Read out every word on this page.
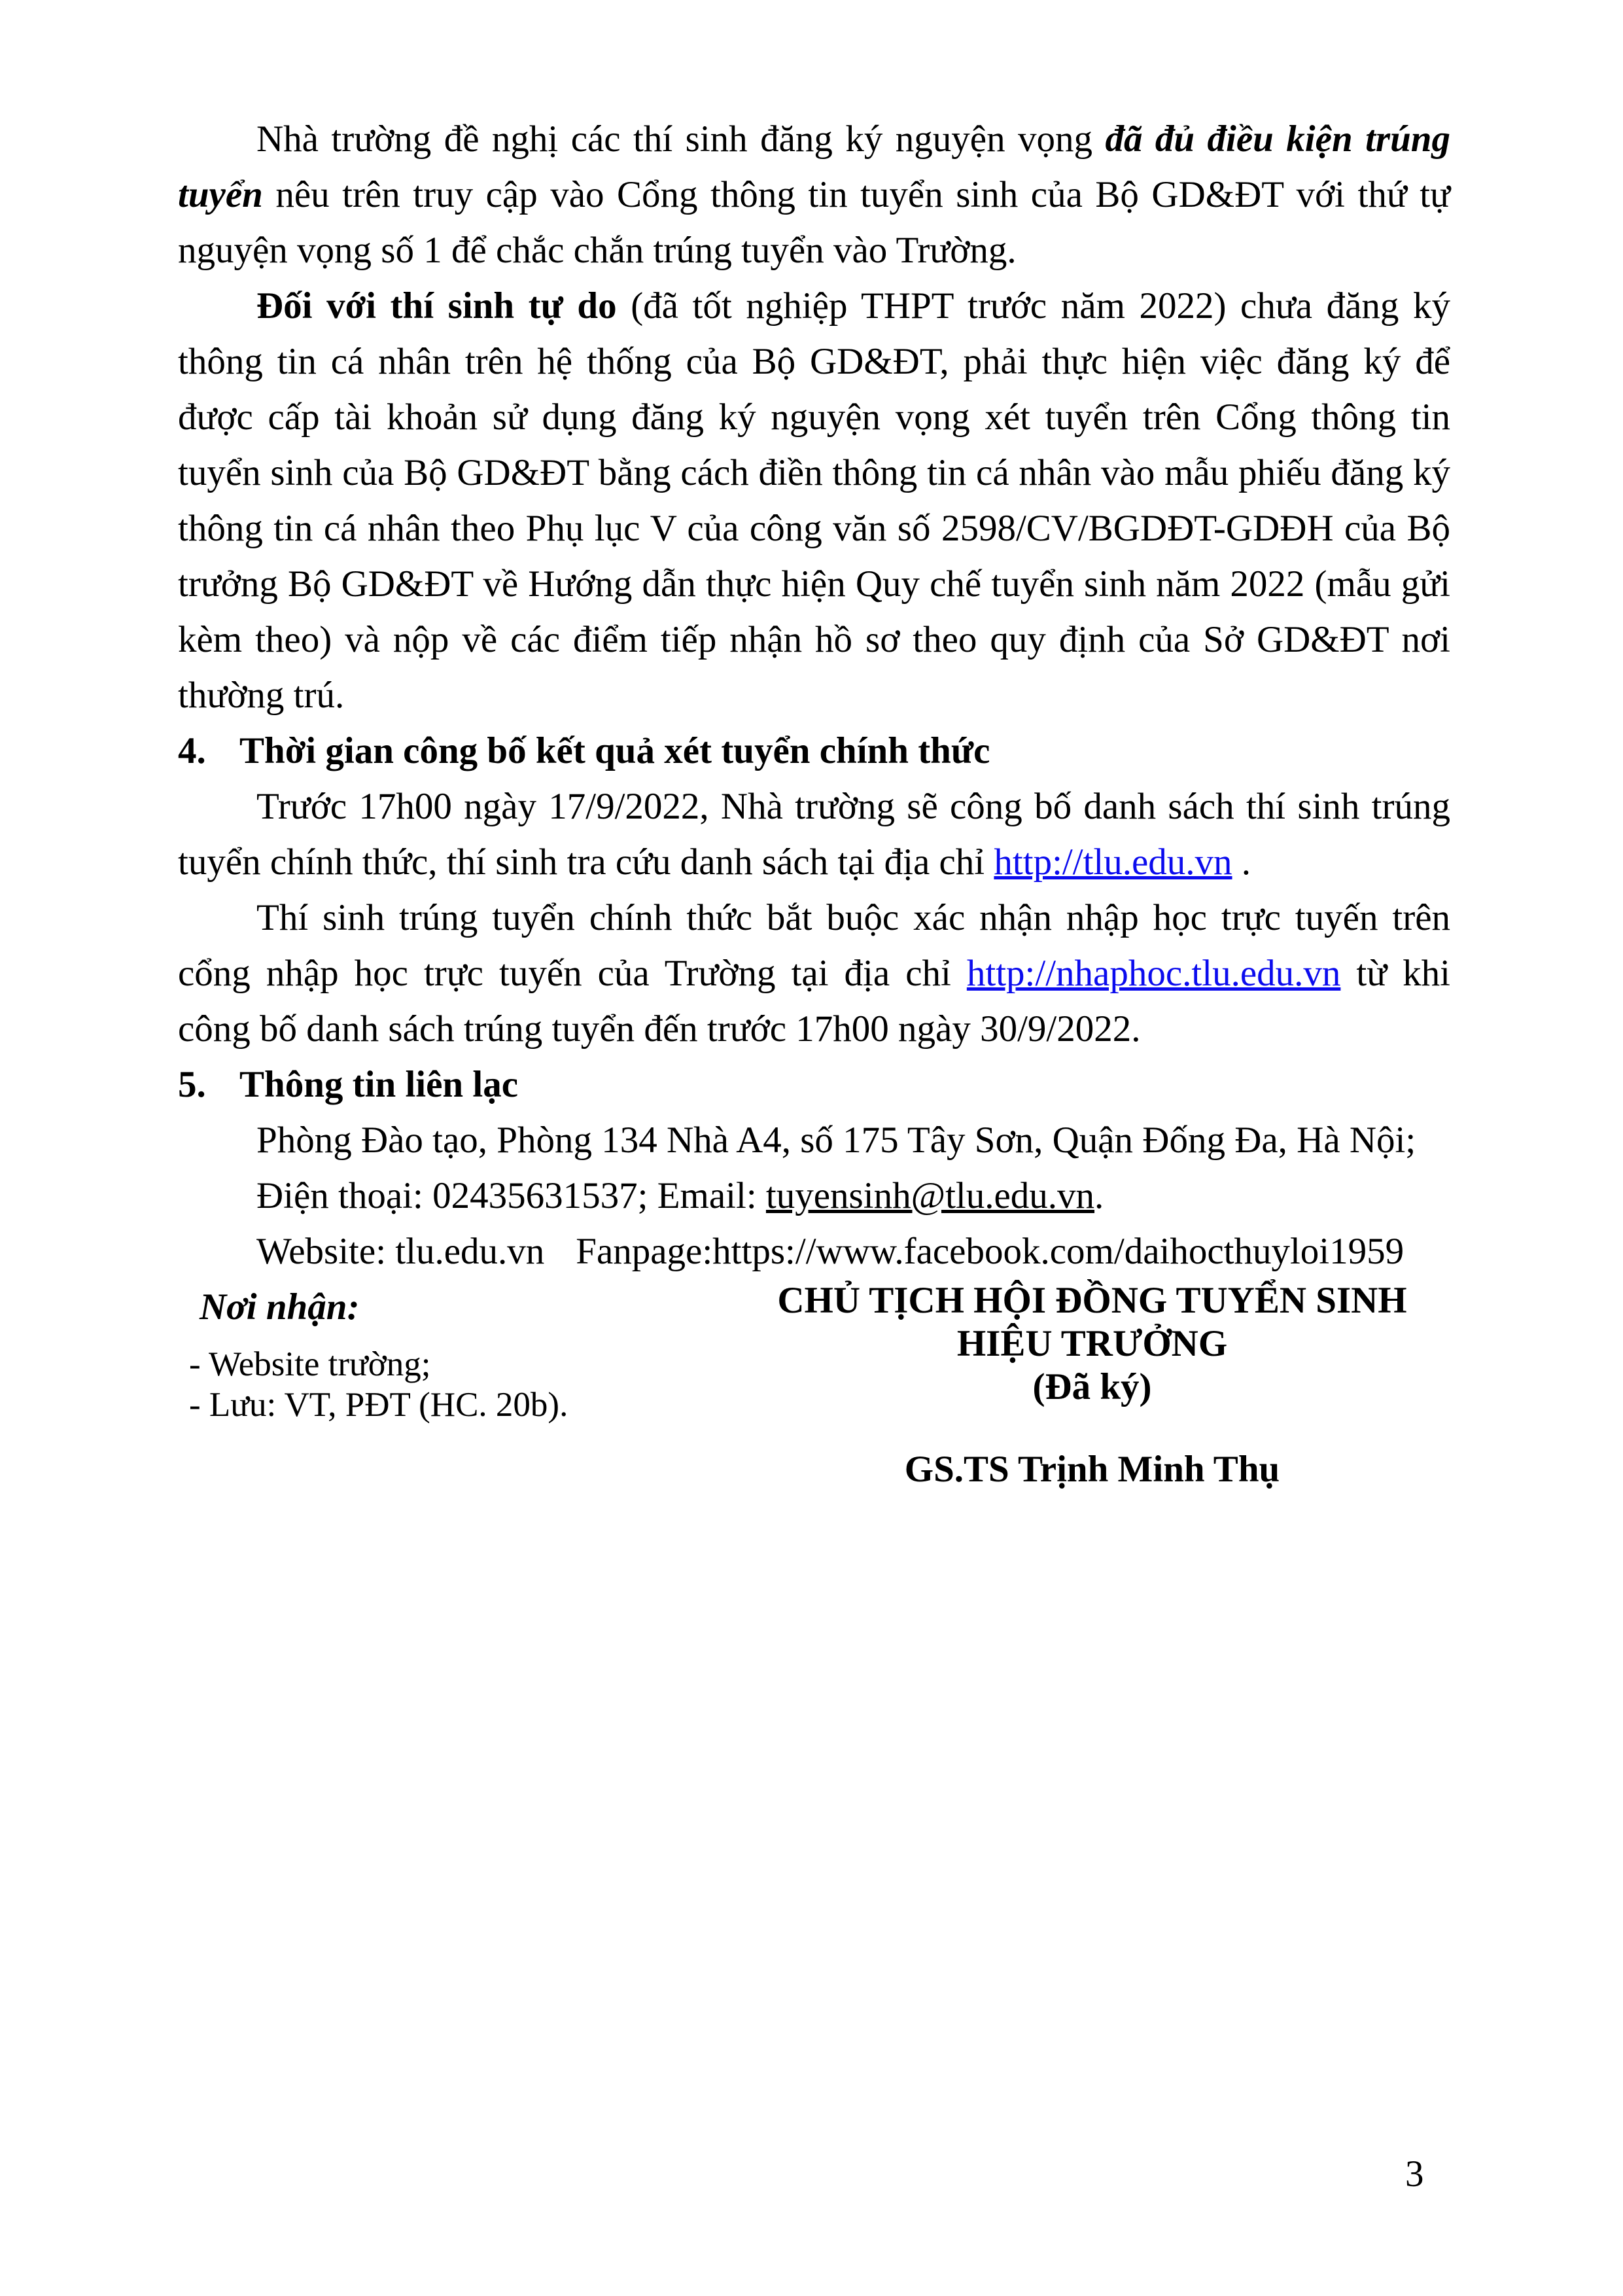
Nhà trường đề nghị các thí sinh đăng ký nguyện vọng đã đủ điều kiện trúng tuyển nêu trên truy cập vào Cổng thông tin tuyển sinh của Bộ GD&ĐT với thứ tự nguyện vọng số 1 để chắc chắn trúng tuyển vào Trường.

Đối với thí sinh tự do (đã tốt nghiệp THPT trước năm 2022) chưa đăng ký thông tin cá nhân trên hệ thống của Bộ GD&ĐT, phải thực hiện việc đăng ký để được cấp tài khoản sử dụng đăng ký nguyện vọng xét tuyển trên Cổng thông tin tuyển sinh của Bộ GD&ĐT bằng cách điền thông tin cá nhân vào mẫu phiếu đăng ký thông tin cá nhân theo Phụ lục V của công văn số 2598/CV/BGDĐT-GDĐH của Bộ trưởng Bộ GD&ĐT về Hướng dẫn thực hiện Quy chế tuyển sinh năm 2022 (mẫu gửi kèm theo) và nộp về các điểm tiếp nhận hồ sơ theo quy định của Sở GD&ĐT nơi thường trú.

4. Thời gian công bố kết quả xét tuyển chính thức

Trước 17h00 ngày 17/9/2022, Nhà trường sẽ công bố danh sách thí sinh trúng tuyển chính thức, thí sinh tra cứu danh sách tại địa chỉ http://tlu.edu.vn .

Thí sinh trúng tuyển chính thức bắt buộc xác nhận nhập học trực tuyến trên cổng nhập học trực tuyến của Trường tại địa chỉ http://nhaphoc.tlu.edu.vn từ khi công bố danh sách trúng tuyển đến trước 17h00 ngày 30/9/2022.

5. Thông tin liên lạc

Phòng Đào tạo, Phòng 134 Nhà A4, số 175 Tây Sơn, Quận Đống Đa, Hà Nội;

Điện thoại: 02435631537; Email: tuyensinh@tlu.edu.vn.

Website: tlu.edu.vn Fanpage:https://www.facebook.com/daihocthuyloi1959

Nơi nhận:

- Website trường;
- Lưu: VT, PĐT (HC. 20b).

CHỦ TỊCH HỘI ĐỒNG TUYỂN SINH

HIỆU TRƯỞNG

(Đã ký)

GS.TS Trịnh Minh Thụ

3
